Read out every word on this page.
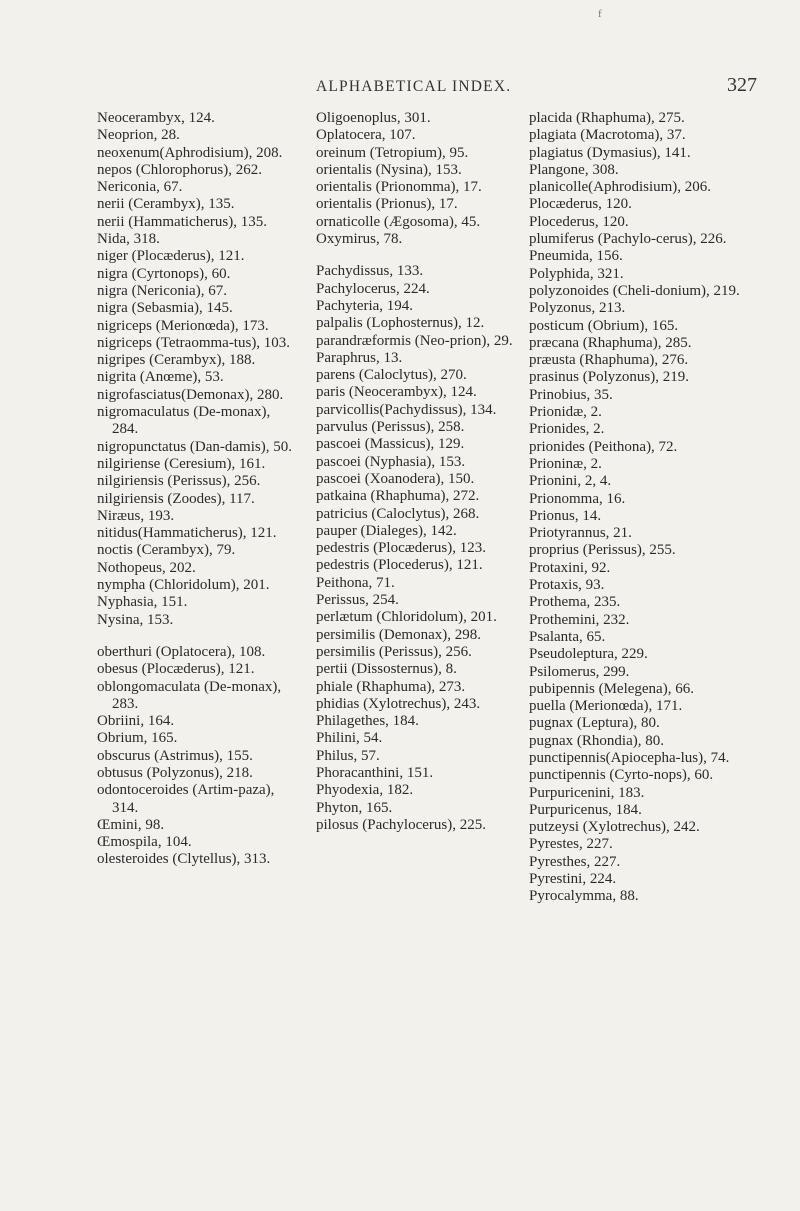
f
ALPHABETICAL INDEX.	327

Neocerambyx, 124.

Neoprion, 28.

neoxenum(Aphrodisium), 208.

nepos (Chlorophorus), 262.

Nericonia, 67.

nerii (Cerambyx), 135.

nerii (Hammaticherus), 135.

Nida, 318.

niger (Plocæderus), 121.

nigra (Cyrtonops), 60.

nigra (Nericonia), 67.

nigra (Sebasmia), 145.

nigriceps (Merionœda), 173.

nigriceps (Tetraomma-tus), 103.

nigripes (Cerambyx), 188.

nigrita (Anœme), 53.

nigrofasciatus(Demonax), 280.

nigromaculatus (De-monax), 284.

nigropunctatus (Dan-damis), 50.

nilgiriense (Ceresium), 161.

nilgiriensis (Perissus), 256.

nilgiriensis (Zoodes), 117.

Niræus, 193.

nitidus(Hammaticherus), 121.

noctis (Cerambyx), 79.

Nothopeus, 202.

nympha (Chloridolum), 201.

Nyphasia, 151.

Nysina, 153.

oberthuri (Oplatocera), 108.

obesus (Plocæderus), 121.

oblongomaculata (De-monax), 283.

Obriini, 164.

Obrium, 165.

obscurus (Astrimus), 155.

obtusus (Polyzonus), 218.

odontoceroides (Artim-paza), 314.

Œmini, 98.

Œmospila, 104.

olesteroides (Clytellus), 313.

Oligoenoplus, 301.

Oplatocera, 107.

oreinum (Tetropium), 95.

orientalis (Nysina), 153.

orientalis (Prionomma), 17.

orientalis (Prionus), 17.

ornaticolle (Ægosoma), 45.

Oxymirus, 78.

Pachydissus, 133.

Pachylocerus, 224.

Pachyteria, 194.

palpalis (Lophosternus), 12.

parandræformis (Neo-prion), 29.

Paraphrus, 13.

parens (Caloclytus), 270.

paris (Neocerambyx), 124.

parvicollis(Pachydissus), 134.

parvulus (Perissus), 258.

pascoei (Massicus), 129.

pascoei (Nyphasia), 153.

pascoei (Xoanodera), 150.

patkaina (Rhaphuma), 272.

patricius (Caloclytus), 268.

pauper (Dialeges), 142.

pedestris (Plocæderus), 123.

pedestris (Plocederus), 121.

Peithona, 71.

Perissus, 254.

perlætum (Chloridolum), 201.

persimilis (Demonax), 298.

persimilis (Perissus), 256.

pertii (Dissosternus), 8.

phiale (Rhaphuma), 273.

phidias (Xylotrechus), 243.

Philagethes, 184.

Philini, 54.

Philus, 57.

Phoracanthini, 151.

Phyodexia, 182.

Phyton, 165.

pilosus (Pachylocerus), 225.

placida (Rhaphuma), 275.

plagiata (Macrotoma), 37.

plagiatus (Dymasius), 141.

Plangone, 308.

planicolle(Aphrodisium), 206.

Plocæderus, 120.

Plocederus, 120.

plumiferus (Pachylo-cerus), 226.

Pneumida, 156.

Polyphida, 321.

polyzonoides (Cheli-donium), 219.

Polyzonus, 213.

posticum (Obrium), 165.

præcana (Rhaphuma), 285.

præusta (Rhaphuma), 276.

prasinus (Polyzonus), 219.

Prinobius, 35.

Prionidæ, 2.

Prionides, 2.

prionides (Peithona), 72.

Prioninæ, 2.

Prionini, 2, 4.

Prionomma, 16.

Prionus, 14.

Priotyrannus, 21.

proprius (Perissus), 255.

Protaxini, 92.

Protaxis, 93.

Prothema, 235.

Prothemini, 232.

Psalanta, 65.

Pseudoleptura, 229.

Psilomerus, 299.

pubipennis (Melegena), 66.

puella (Merionœda), 171.

pugnax (Leptura), 80.

pugnax (Rhondia), 80.

punctipennis(Apiocepha-lus), 74.

punctipennis (Cyrto-nops), 60.

Purpuricenini, 183.

Purpuricenus, 184.

putzeysi (Xylotrechus), 242.

Pyrestes, 227.

Pyresthes, 227.

Pyrestini, 224.

Pyrocalymma, 88.
